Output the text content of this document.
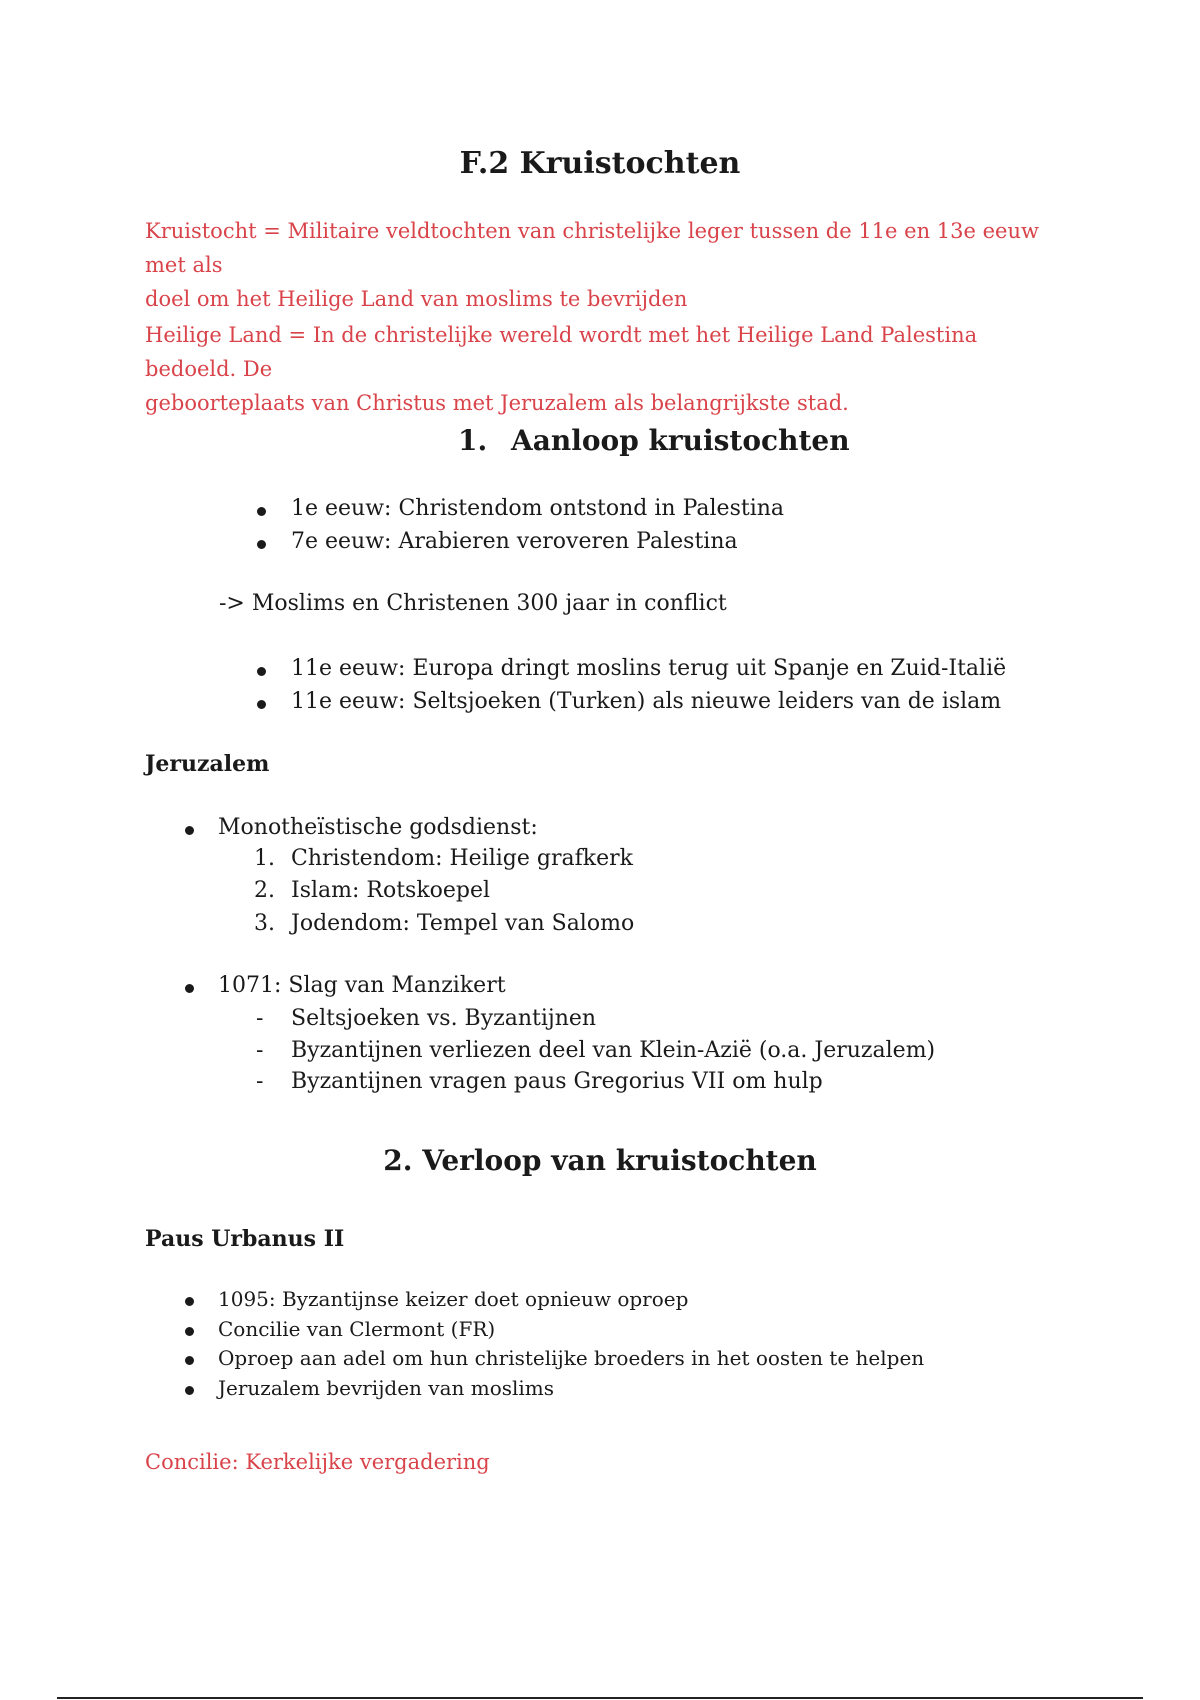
F.2 Kruistochten

Kruistocht = Militaire veldtochten van christelijke leger tussen de 11e en 13e eeuw met als
doel om het Heilige Land van moslims te bevrijden

Heilige Land = In de christelijke wereld wordt met het Heilige Land Palestina bedoeld. De
geboorteplaats van Christus met Jeruzalem als belangrijkste stad.

1. Aanloop kruistochten
1e eeuw: Christendom ontstond in Palestina
7e eeuw: Arabieren veroveren Palestina
-> Moslims en Christenen 300 jaar in conflict
11e eeuw: Europa dringt moslins terug uit Spanje en Zuid-Italië
11e eeuw: Seltsjoeken (Turken) als nieuwe leiders van de islam
Jeruzalem
Monotheïstische godsdienst:
1. Christendom: Heilige grafkerk
2. Islam: Rotskoepel
3. Jodendom: Tempel van Salomo
1071: Slag van Manzikert
- Seltsjoeken vs. Byzantijnen
- Byzantijnen verliezen deel van Klein-Azië (o.a. Jeruzalem)
- Byzantijnen vragen paus Gregorius VII om hulp
2. Verloop van kruistochten
Paus Urbanus II
1095: Byzantijnse keizer doet opnieuw oproep
Concilie van Clermont (FR)
Oproep aan adel om hun christelijke broeders in het oosten te helpen
Jeruzalem bevrijden van moslims
Concilie: Kerkelijke vergadering
